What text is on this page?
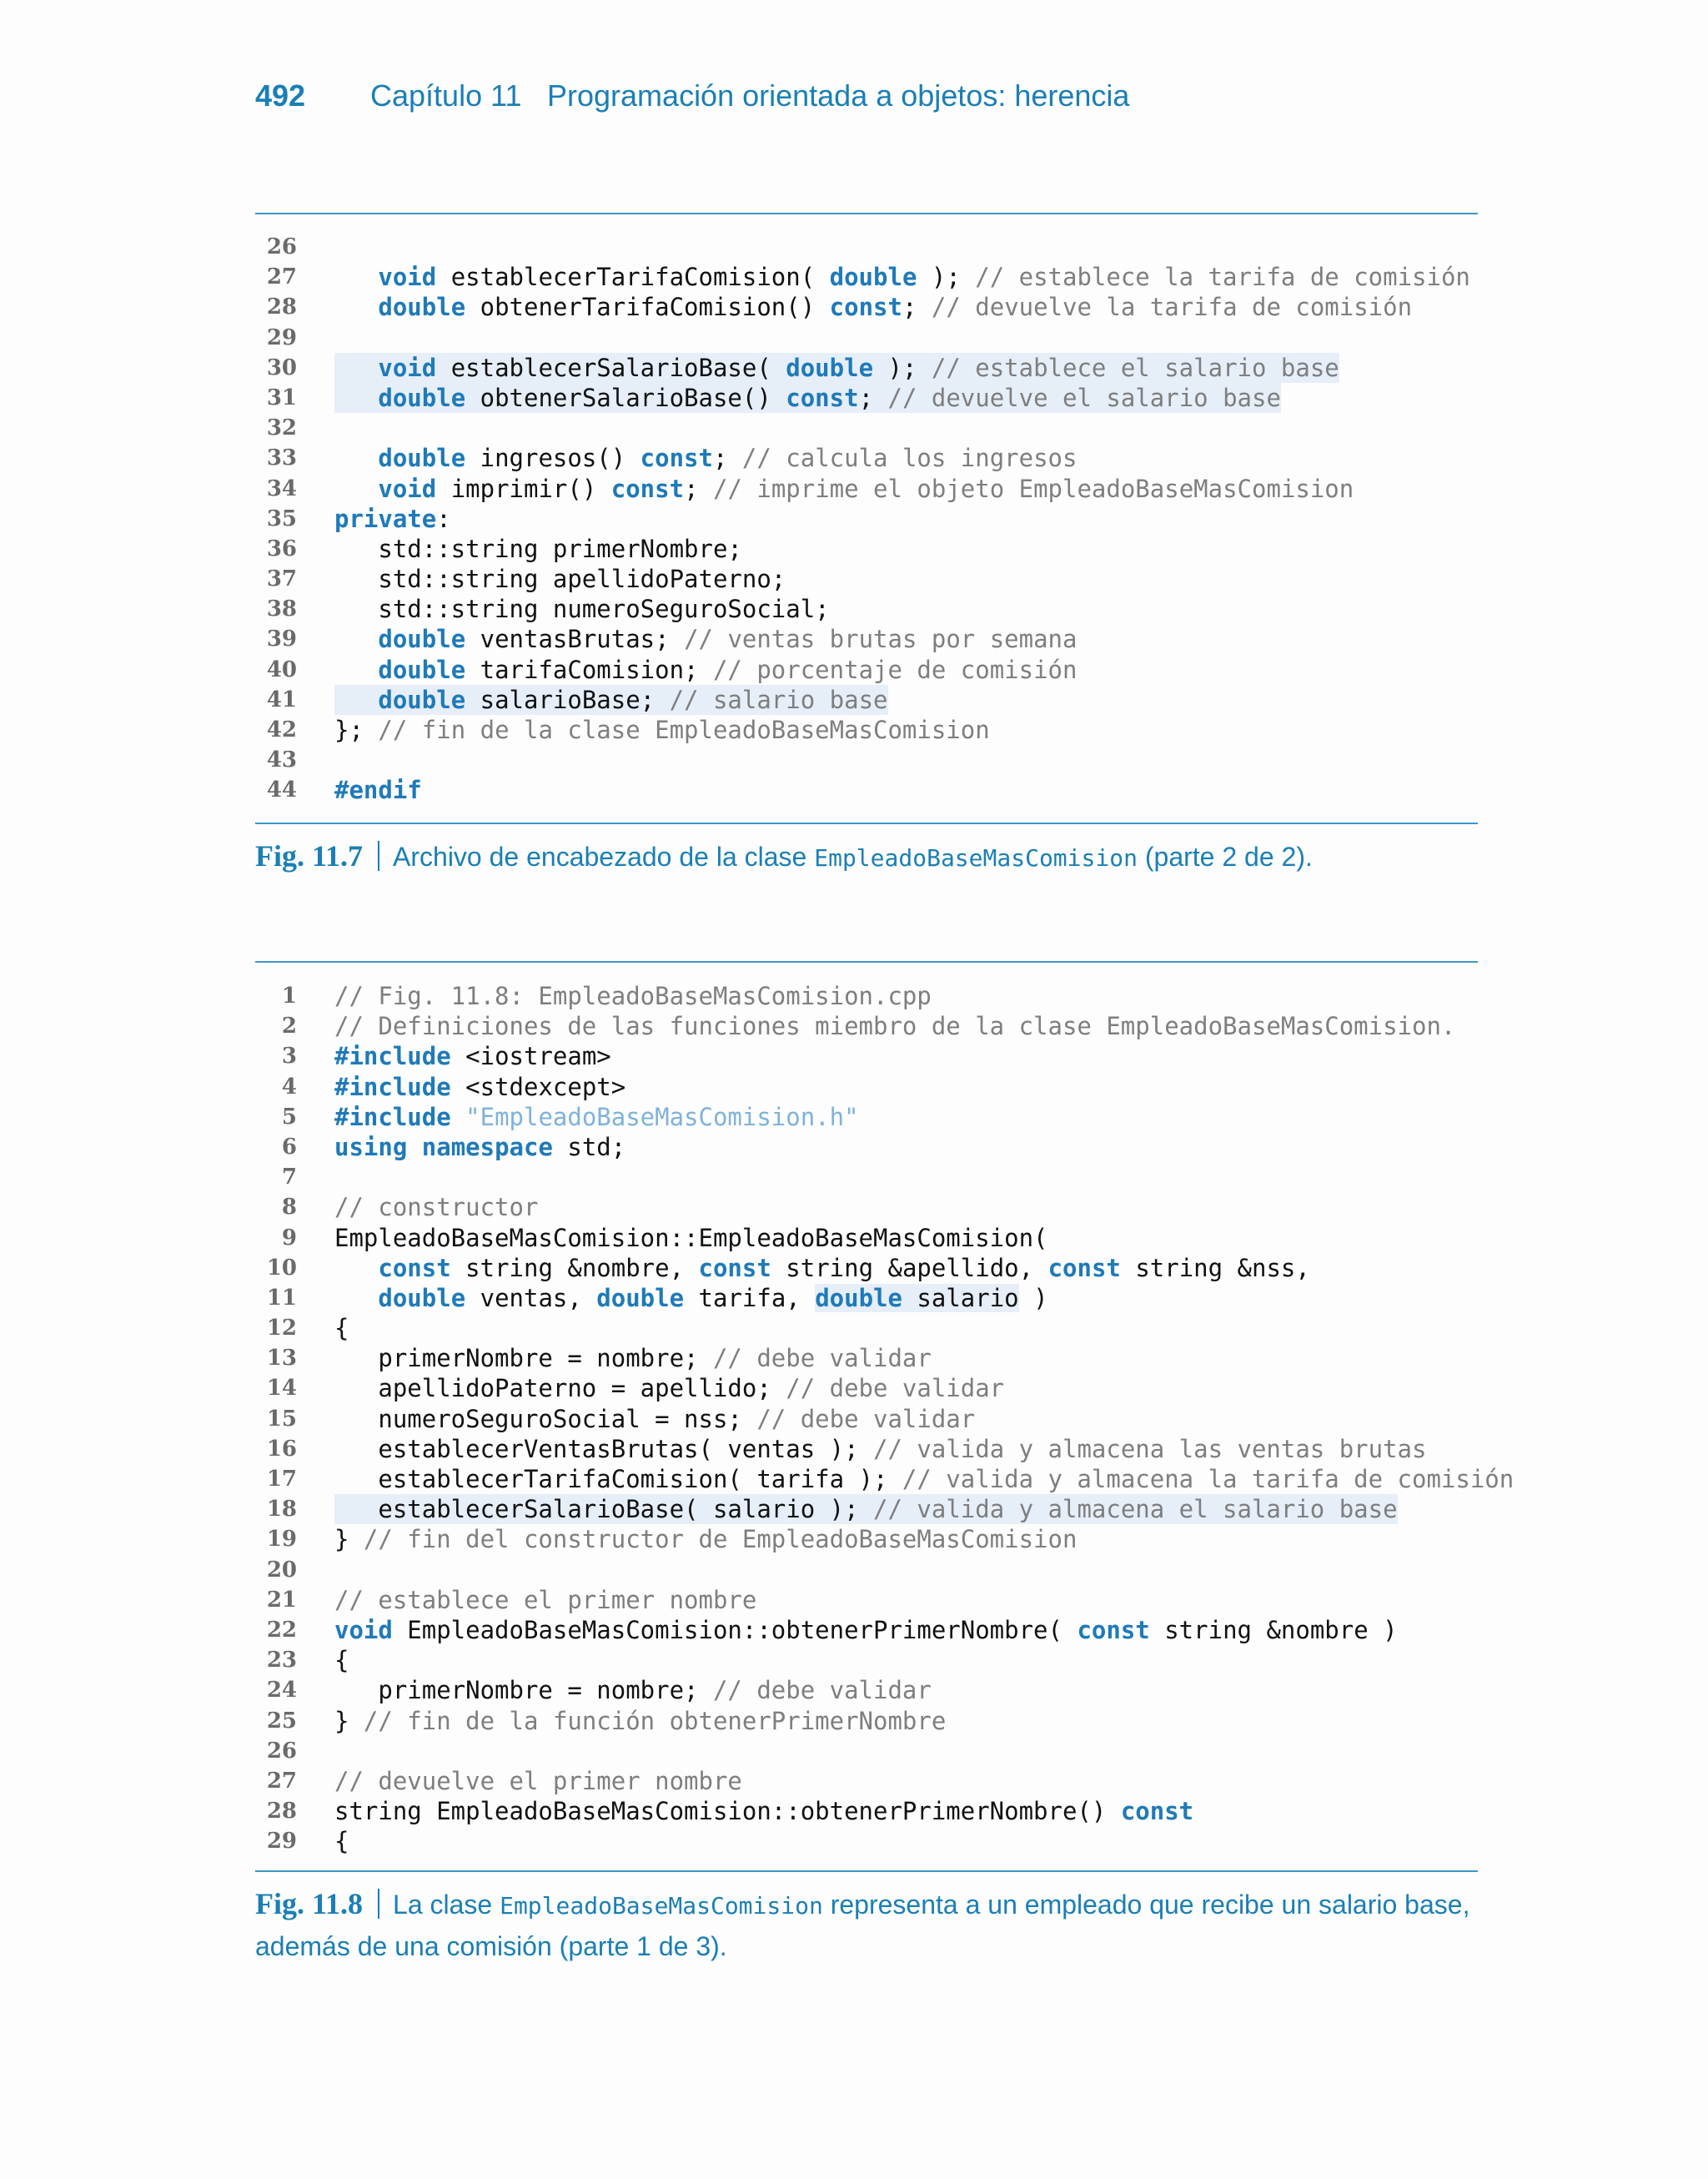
492	Capítulo 11 Programación orientada a objetos: herencia
26
27	void establecerTarifaComision( double ); // establece la tarifa de comisión
28	double obtenerTarifaComision() const; // devuelve la tarifa de comisión
29
30	void establecerSalarioBase( double ); // establece el salario base
31	double obtenerSalarioBase() const; // devuelve el salario base
32
33	double ingresos() const; // calcula los ingresos
34	void imprimir() const; // imprime el objeto EmpleadoBaseMasComision
35 private:
36 std::string primerNombre;
37 std::string apellidoPaterno;
38 std::string numeroSeguroSocial;
39	double ventasBrutas; // ventas brutas por semana
40	double tarifaComision; // porcentaje de comisión
41	double salarioBase; // salario base
42 }; // fin de la clase EmpleadoBaseMasComision
43
44 #endif
Fig. 11.7 Archivo de encabezado de la clase EmpleadoBaseMasComision (parte 2 de 2).
1 // Fig. 11.8: EmpleadoBaseMasComision.cpp
2 // Definiciones de las funciones miembro de la clase EmpleadoBaseMasComision.
3 #include <iostream>
4 #include <stdexcept>
5 #include "EmpleadoBaseMasComision.h"
6 using namespace std;
7
8 // constructor
9 EmpleadoBaseMasComision::EmpleadoBaseMasComision(
10	const string &nombre, const string &apellido, const string &nss,
11	double ventas, double tarifa, double salario )
12 {
13 primerNombre = nombre; // debe validar
14 apellidoPaterno = apellido; // debe validar
15 numeroSeguroSocial = nss; // debe validar
16 establecerVentasBrutas( ventas ); // valida y almacena las ventas brutas
17 establecerTarifaComision( tarifa ); // valida y almacena la tarifa de comisión
18 establecerSalarioBase( salario ); // valida y almacena el salario base
19 } // fin del constructor de EmpleadoBaseMasComision
20
21 // establece el primer nombre
22 void EmpleadoBaseMasComision::obtenerPrimerNombre( const string &nombre )
23 {
24 primerNombre = nombre; // debe validar
25 } // fin de la función obtenerPrimerNombre
26
27 // devuelve el primer nombre
28 string EmpleadoBaseMasComision::obtenerPrimerNombre() const
29 {
Fig. 11.8 La clase EmpleadoBaseMasComision representa a un empleado que recibe un salario base, además de una comisión (parte 1 de 3).
